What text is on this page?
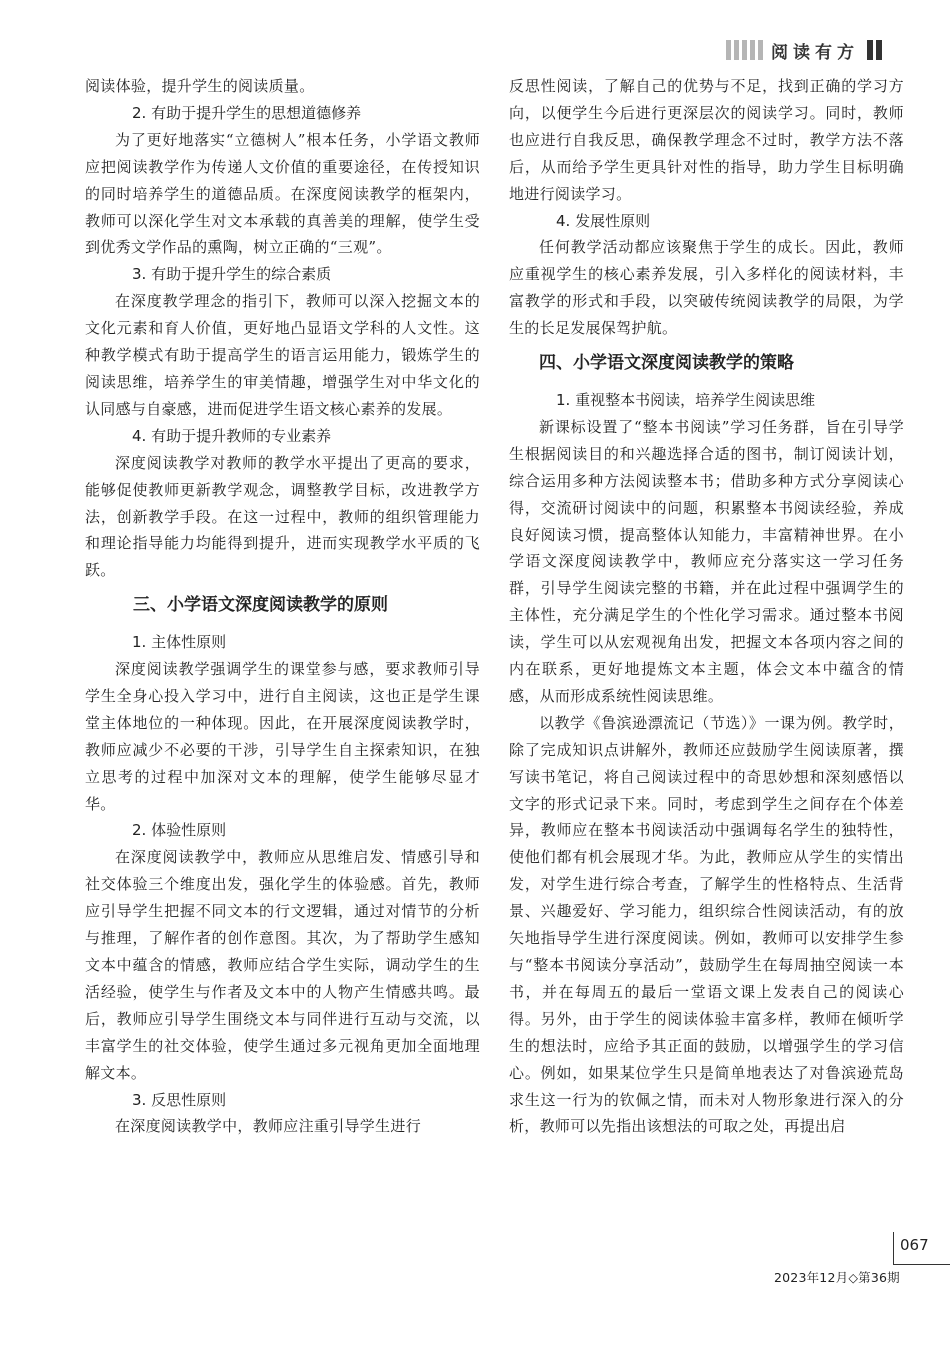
阅读有方
阅读体验，提升学生的阅读质量。
2. 有助于提升学生的思想道德修养
为了更好地落实“立德树人”根本任务，小学语文教师应把阅读教学作为传递人文价值的重要途径，在传授知识的同时培养学生的道德品质。在深度阅读教学的框架内，教师可以深化学生对文本承载的真善美的理解，使学生受到优秀文学作品的熏陶，树立正确的“三观”。
3. 有助于提升学生的综合素质
在深度教学理念的指引下，教师可以深入挖掘文本的文化元素和育人价值，更好地凸显语文学科的人文性。这种教学模式有助于提高学生的语言运用能力，锻炼学生的阅读思维，培养学生的审美情趣，增强学生对中华文化的认同感与自豪感，进而促进学生语文核心素养的发展。
4. 有助于提升教师的专业素养
深度阅读教学对教师的教学水平提出了更高的要求，能够促使教师更新教学观念，调整教学目标，改进教学方法，创新教学手段。在这一过程中，教师的组织管理能力和理论指导能力均能得到提升，进而实现教学水平质的飞跃。
三、小学语文深度阅读教学的原则
1. 主体性原则
深度阅读教学强调学生的课堂参与感，要求教师引导学生全身心投入学习中，进行自主阅读，这也正是学生课堂主体地位的一种体现。因此，在开展深度阅读教学时，教师应减少不必要的干涉，引导学生自主探索知识，在独立思考的过程中加深对文本的理解，使学生能够尽显才华。
2. 体验性原则
在深度阅读教学中，教师应从思维启发、情感引导和社交体验三个维度出发，强化学生的体验感。首先，教师应引导学生把握不同文本的行文逻辑，通过对情节的分析与推理，了解作者的创作意图。其次，为了帮助学生感知文本中蕴含的情感，教师应结合学生实际，调动学生的生活经验，使学生与作者及文本中的人物产生情感共鸣。最后，教师应引导学生围绕文本与同伴进行互动与交流，以丰富学生的社交体验，使学生通过多元视角更加全面地理解文本。
3. 反思性原则
在深度阅读教学中，教师应注重引导学生进行
反思性阅读，了解自己的优势与不足，找到正确的学习方向，以便学生今后进行更深层次的阅读学习。同时，教师也应进行自我反思，确保教学理念不过时，教学方法不落后，从而给予学生更具针对性的指导，助力学生目标明确地进行阅读学习。
4. 发展性原则
任何教学活动都应该聚焦于学生的成长。因此，教师应重视学生的核心素养发展，引入多样化的阅读材料，丰富教学的形式和手段，以突破传统阅读教学的局限，为学生的长足发展保驾护航。
四、小学语文深度阅读教学的策略
1. 重视整本书阅读，培养学生阅读思维
新课标设置了“整本书阅读”学习任务群，旨在引导学生根据阅读目的和兴趣选择合适的图书，制订阅读计划，综合运用多种方法阅读整本书；借助多种方式分享阅读心得，交流研讨阅读中的问题，积累整本书阅读经验，养成良好阅读习惯，提高整体认知能力，丰富精神世界。在小学语文深度阅读教学中，教师应充分落实这一学习任务群，引导学生阅读完整的书籍，并在此过程中强调学生的主体性，充分满足学生的个性化学习需求。通过整本书阅读，学生可以从宏观视角出发，把握文本各项内容之间的内在联系，更好地提炼文本主题，体会文本中蕴含的情感，从而形成系统性阅读思维。
以教学《鲁滨逊漂流记（节选）》一课为例。教学时，除了完成知识点讲解外，教师还应鼓励学生阅读原著，撰写读书笔记，将自己阅读过程中的奇思妙想和深刻感悟以文字的形式记录下来。同时，考虑到学生之间存在个体差异，教师应在整本书阅读活动中强调每名学生的独特性，使他们都有机会展现才华。为此，教师应从学生的实情出发，对学生进行综合考查，了解学生的性格特点、生活背景、兴趣爱好、学习能力，组织综合性阅读活动，有的放矢地指导学生进行深度阅读。例如，教师可以安排学生参与“整本书阅读分享活动”，鼓励学生在每周抽空阅读一本书，并在每周五的最后一堂语文课上发表自己的阅读心得。另外，由于学生的阅读体验丰富多样，教师在倾听学生的想法时，应给予其正面的鼓励，以增强学生的学习信心。例如，如果某位学生只是简单地表达了对鲁滨逊荒岛求生这一行为的钦佩之情，而未对人物形象进行深入的分析，教师可以先指出该想法的可取之处，再提出启
067
2023年12月◇第36期
